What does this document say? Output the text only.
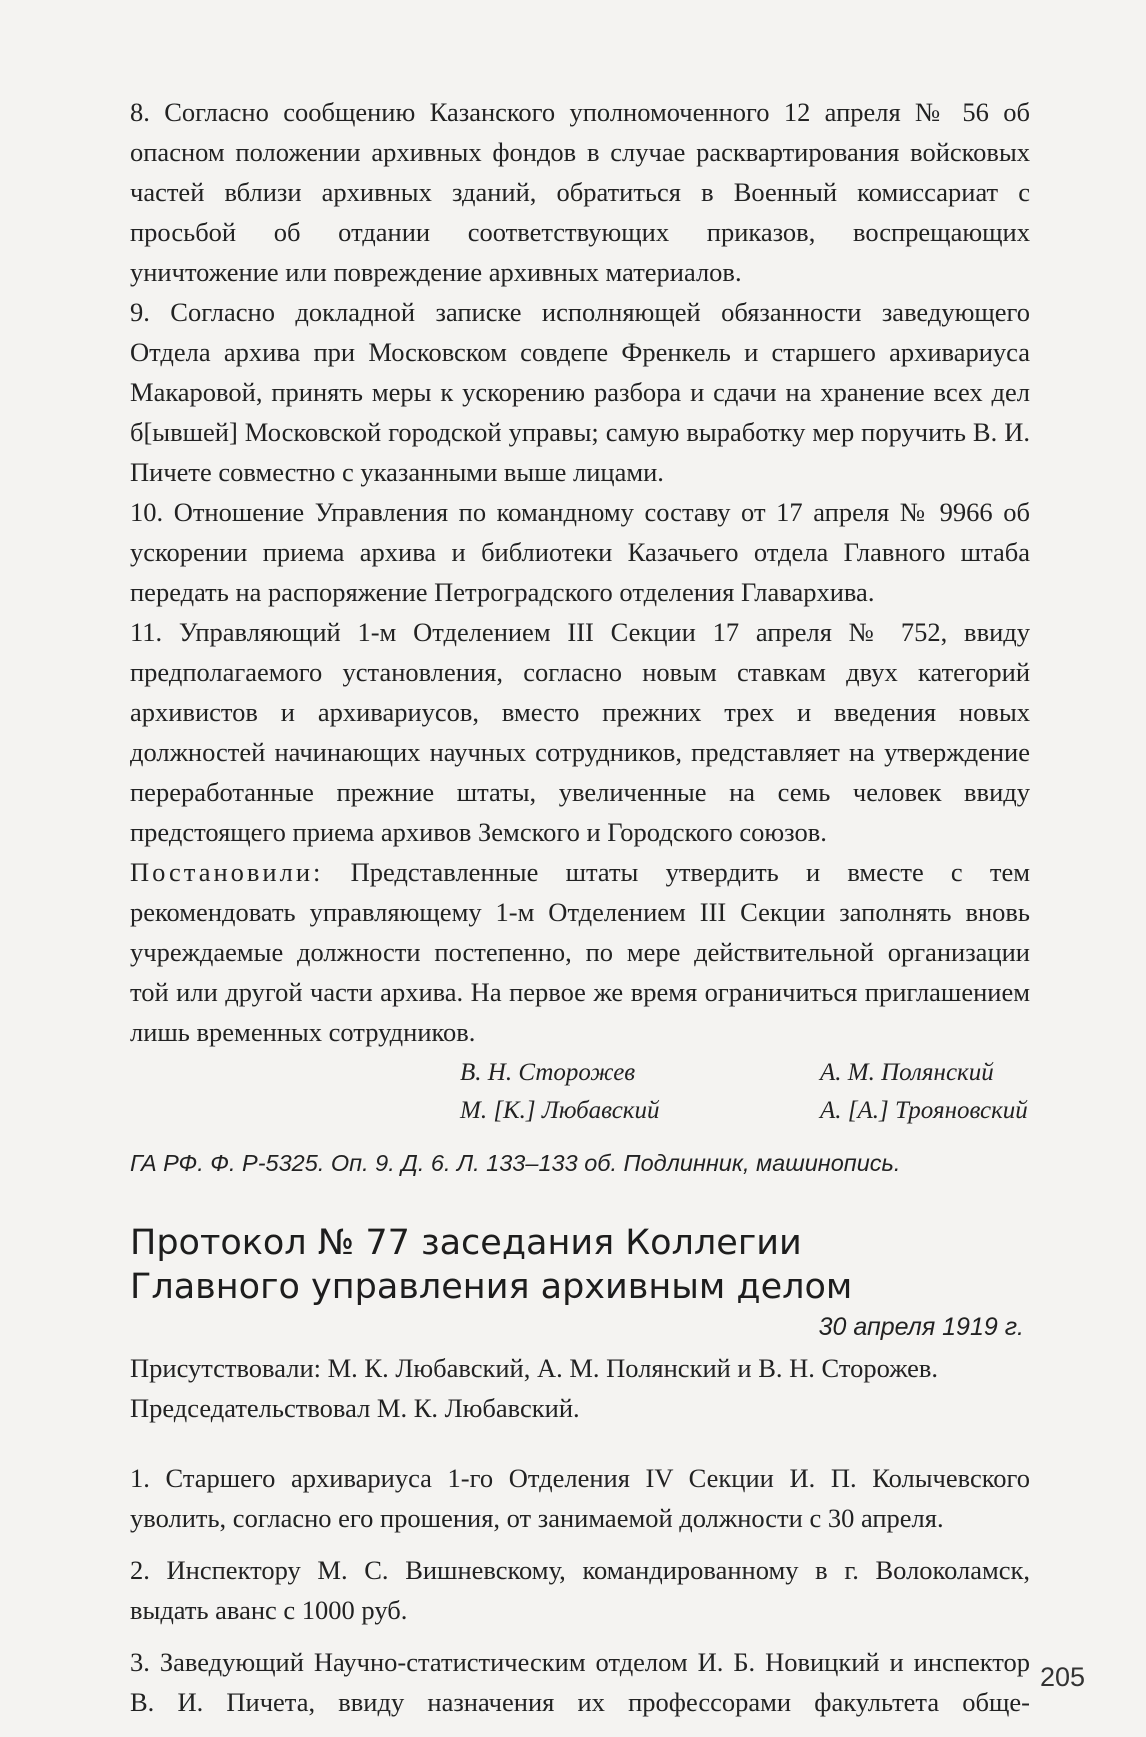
8. Согласно сообщению Казанского уполномоченного 12 апреля № 56 об опасном положении архивных фондов в случае расквартирования войсковых частей вблизи архивных зданий, обратиться в Военный комиссариат с просьбой об отдании соответствующих приказов, воспрещающих уничтожение или повреждение архивных материалов.

9. Согласно докладной записке исполняющей обязанности заведующего Отдела архива при Московском совдепе Френкель и старшего архивариуса Макаровой, принять меры к ускорению разбора и сдачи на хранение всех дел б[ывшей] Московской городской управы; самую выработку мер поручить В. И. Пичете совместно с указанными выше лицами.

10. Отношение Управления по командному составу от 17 апреля № 9966 об ускорении приема архива и библиотеки Казачьего отдела Главного штаба передать на распоряжение Петроградского отделения Главархива.

11. Управляющий 1-м Отделением III Секции 17 апреля № 752, ввиду предполагаемого установления, согласно новым ставкам двух категорий архивистов и архивариусов, вместо прежних трех и введения новых должностей начинающих научных сотрудников, представляет на утверждение переработанные прежние штаты, увеличенные на семь человек ввиду предстоящего приема архивов Земского и Городского союзов.

Постановили: Представленные штаты утвердить и вместе с тем рекомендовать управляющему 1-м Отделением III Секции заполнять вновь учреждаемые должности постепенно, по мере действительной организации той или другой части архива. На первое же время ограничиться приглашением лишь временных сотрудников.

В. Н. Сторожев	А. М. Полянский
М. [К.] Любавский	А. [А.] Трояновский
ГА РФ. Ф. Р-5325. Оп. 9. Д. 6. Л. 133–133 об. Подлинник, машинопись.
Протокол № 77 заседания Коллегии
Главного управления архивным делом
30 апреля 1919 г.

Присутствовали: М. К. Любавский, А. М. Полянский и В. Н. Сторожев.

Председательствовал М. К. Любавский.

1. Старшего архивариуса 1-го Отделения IV Секции И. П. Колычевского уволить, согласно его прошения, от занимаемой должности с 30 апреля.

2. Инспектору М. С. Вишневскому, командированному в г. Волоколамск, выдать аванс с 1000 руб.

3. Заведующий Научно-статистическим отделом И. Б. Новицкий и инспектор В. И. Пичета, ввиду назначения их профессорами факультета обще-

205
